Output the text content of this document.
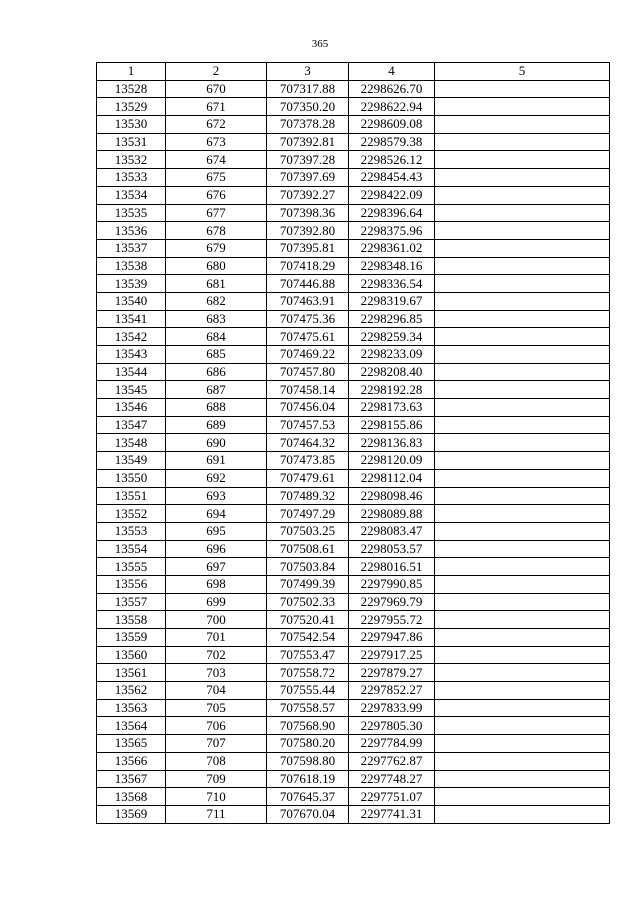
365
1	2	3	4	5
13528	670	707317.88	2298626.70	
13529	671	707350.20	2298622.94	
13530	672	707378.28	2298609.08	
13531	673	707392.81	2298579.38	
13532	674	707397.28	2298526.12	
13533	675	707397.69	2298454.43	
13534	676	707392.27	2298422.09	
13535	677	707398.36	2298396.64	
13536	678	707392.80	2298375.96	
13537	679	707395.81	2298361.02	
13538	680	707418.29	2298348.16	
13539	681	707446.88	2298336.54	
13540	682	707463.91	2298319.67	
13541	683	707475.36	2298296.85	
13542	684	707475.61	2298259.34	
13543	685	707469.22	2298233.09	
13544	686	707457.80	2298208.40	
13545	687	707458.14	2298192.28	
13546	688	707456.04	2298173.63	
13547	689	707457.53	2298155.86	
13548	690	707464.32	2298136.83	
13549	691	707473.85	2298120.09	
13550	692	707479.61	2298112.04	
13551	693	707489.32	2298098.46	
13552	694	707497.29	2298089.88	
13553	695	707503.25	2298083.47	
13554	696	707508.61	2298053.57	
13555	697	707503.84	2298016.51	
13556	698	707499.39	2297990.85	
13557	699	707502.33	2297969.79	
13558	700	707520.41	2297955.72	
13559	701	707542.54	2297947.86	
13560	702	707553.47	2297917.25	
13561	703	707558.72	2297879.27	
13562	704	707555.44	2297852.27	
13563	705	707558.57	2297833.99	
13564	706	707568.90	2297805.30	
13565	707	707580.20	2297784.99	
13566	708	707598.80	2297762.87	
13567	709	707618.19	2297748.27	
13568	710	707645.37	2297751.07	
13569	711	707670.04	2297741.31	
